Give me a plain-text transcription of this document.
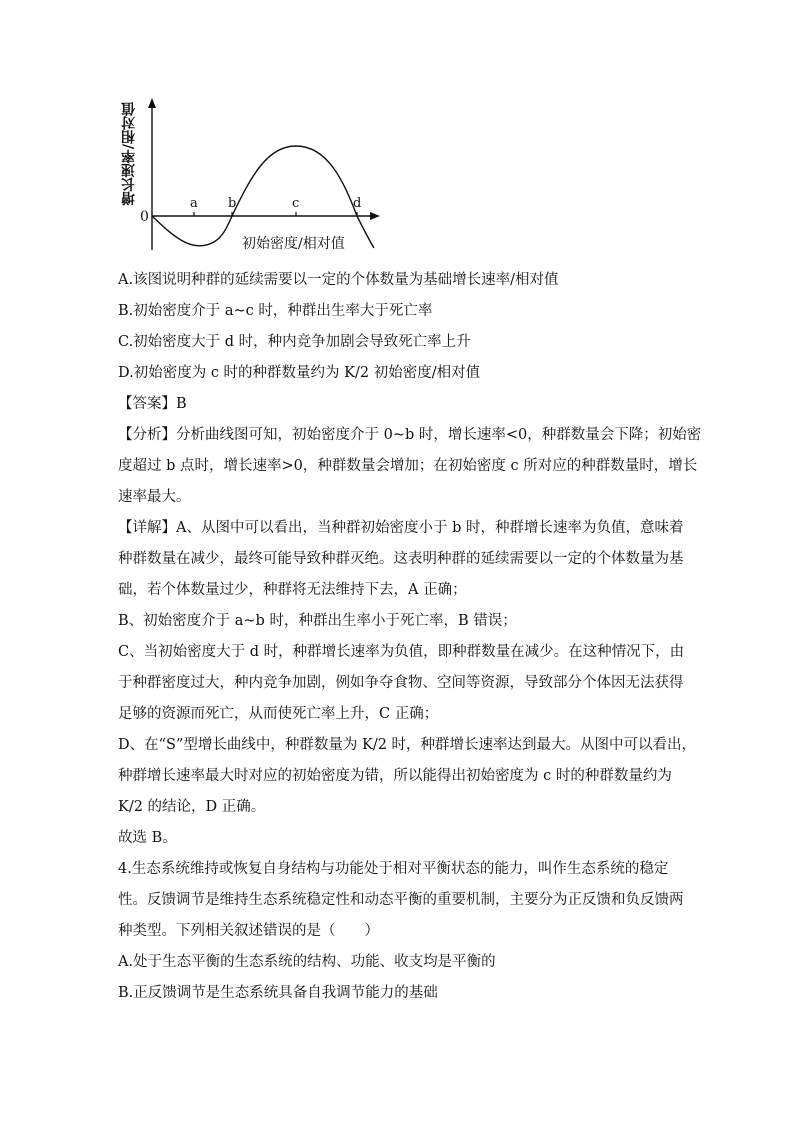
0
a b	c	d
增长速率/相对值
初始密度/相对值
A.该图说明种群的延续需要以一定的个体数量为基础增长速率/相对值
B.初始密度介于 a~c 时，种群出生率大于死亡率
C.初始密度大于 d 时，种内竞争加剧会导致死亡率上升
D.初始密度为 c 时的种群数量约为 K/2 初始密度/相对值
【答案】B
【分析】分析曲线图可知，初始密度介于 0~b 时，增长速率<0，种群数量会下降；初始密
度超过 b 点时，增长速率>0，种群数量会增加；在初始密度 c 所对应的种群数量时，增长
速率最大。
【详解】A、从图中可以看出，当种群初始密度小于 b 时，种群增长速率为负值，意味着
种群数量在减少，最终可能导致种群灭绝。这表明种群的延续需要以一定的个体数量为基
础，若个体数量过少，种群将无法维持下去，A 正确；
B、初始密度介于 a~b 时，种群出生率小于死亡率，B 错误；
C、当初始密度大于 d 时，种群增长速率为负值，即种群数量在减少。在这种情况下，由
于种群密度过大，种内竞争加剧，例如争夺食物、空间等资源，导致部分个体因无法获得
足够的资源而死亡，从而使死亡率上升，C 正确；
D、在“S”型增长曲线中，种群数量为 K/2 时，种群增长速率达到最大。从图中可以看出，
种群增长速率最大时对应的初始密度为错，所以能得出初始密度为 c 时的种群数量约为
K/2 的结论，D 正确。
故选 B。
4.生态系统维持或恢复自身结构与功能处于相对平衡状态的能力，叫作生态系统的稳定
性。反馈调节是维持生态系统稳定性和动态平衡的重要机制，主要分为正反馈和负反馈两
种类型。下列相关叙述错误的是（　　）
A.处于生态平衡的生态系统的结构、功能、收支均是平衡的
B.正反馈调节是生态系统具备自我调节能力的基础
